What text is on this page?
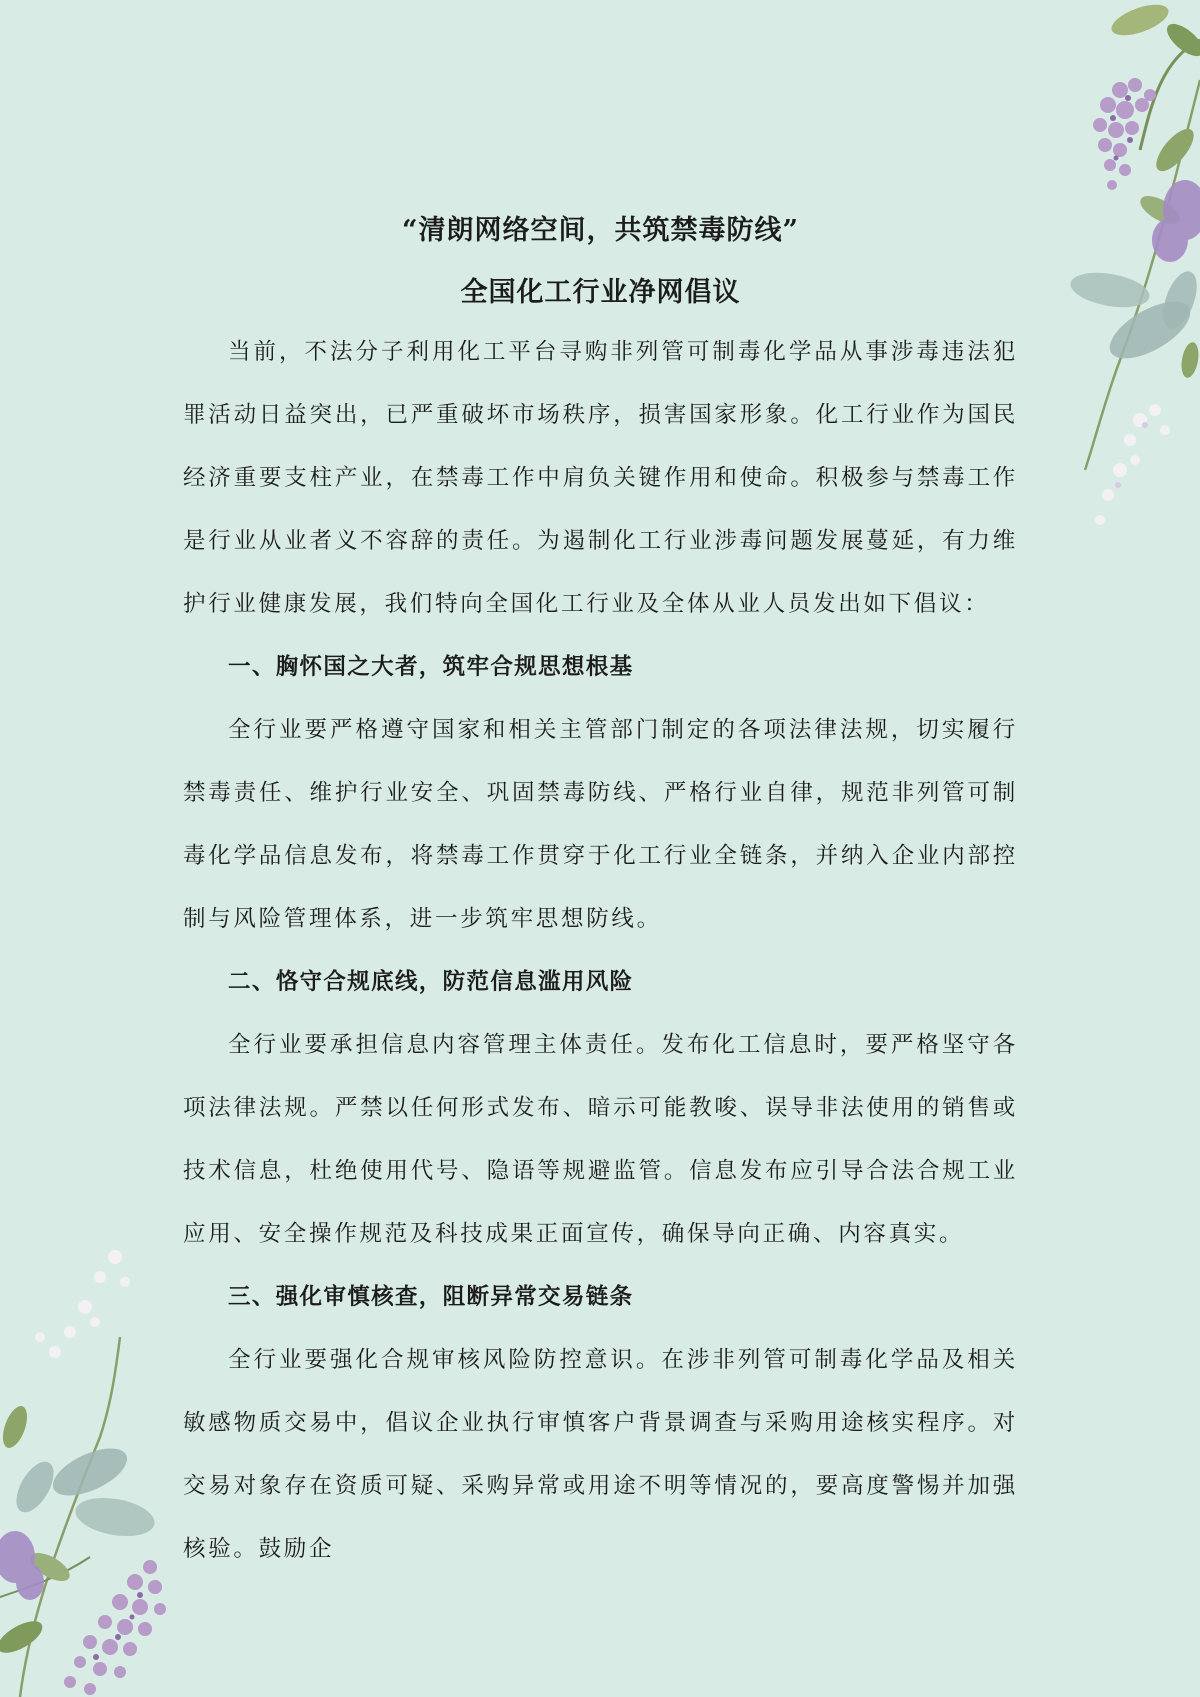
“清朗网络空间，共筑禁毒防线”
全国化工行业净网倡议

当前，不法分子利用化工平台寻购非列管可制毒化学品从事涉毒违法犯罪活动日益突出，已严重破坏市场秩序，损害国家形象。化工行业作为国民经济重要支柱产业，在禁毒工作中肩负关键作用和使命。积极参与禁毒工作是行业从业者义不容辞的责任。为遏制化工行业涉毒问题发展蔓延，有力维护行业健康发展，我们特向全国化工行业及全体从业人员发出如下倡议：

一、胸怀国之大者，筑牢合规思想根基

全行业要严格遵守国家和相关主管部门制定的各项法律法规，切实履行禁毒责任、维护行业安全、巩固禁毒防线、严格行业自律，规范非列管可制毒化学品信息发布，将禁毒工作贯穿于化工行业全链条，并纳入企业内部控制与风险管理体系，进一步筑牢思想防线。

二、恪守合规底线，防范信息滥用风险

全行业要承担信息内容管理主体责任。发布化工信息时，要严格坚守各项法律法规。严禁以任何形式发布、暗示可能教唆、误导非法使用的销售或技术信息，杜绝使用代号、隐语等规避监管。信息发布应引导合法合规工业应用、安全操作规范及科技成果正面宣传，确保导向正确、内容真实。

三、强化审慎核查，阻断异常交易链条

全行业要强化合规审核风险防控意识。在涉非列管可制毒化学品及相关敏感物质交易中，倡议企业执行审慎客户背景调查与采购用途核实程序。对交易对象存在资质可疑、采购异常或用途不明等情况的，要高度警惕并加强核验。鼓励企
